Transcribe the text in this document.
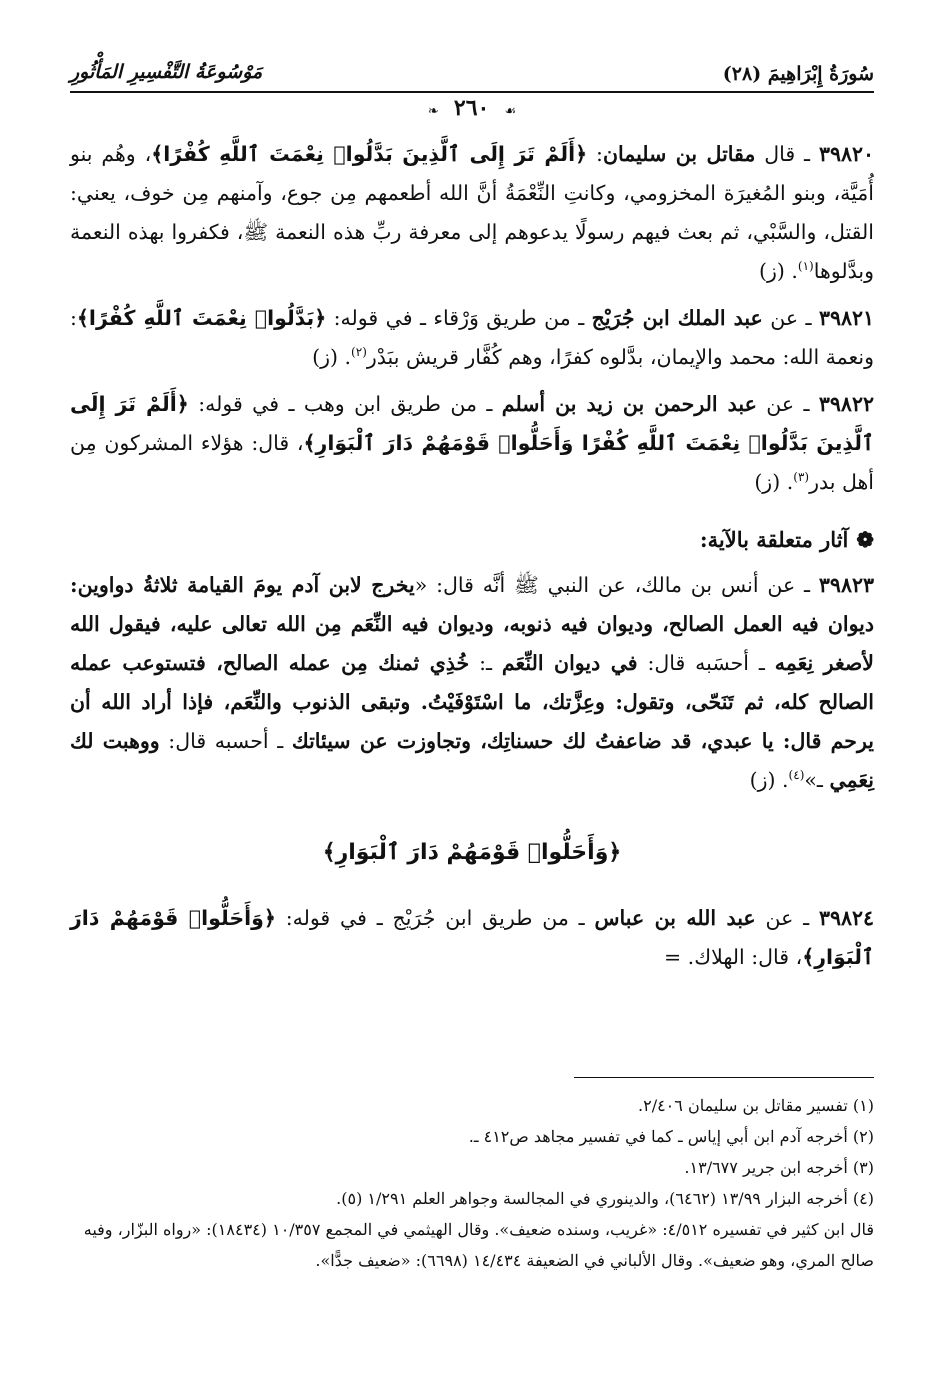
سُورَةُ إِبْرَاهِيمَ (٢٨)
مَوْسُوعَةُ التَّفْسِيرِ المَأْثُورِ
☙ ٢٦٠ ❧

٣٩٨٢٠ ـ قال مقاتل بن سليمان: ﴿أَلَمْ تَرَ إِلَى ٱلَّذِينَ بَدَّلُوا۟ نِعْمَتَ ٱللَّهِ كُفْرًا﴾، وهُم بنو أُمَيَّة، وبنو المُغيرَة المخزومي، وكانتِ النِّعْمَةُ أنَّ الله أطعمهم مِن جوع، وآمنهم مِن خوف، يعني: القتل، والسَّبْي، ثم بعث فيهم رسولًا يدعوهم إلى معرفة ربِّ هذه النعمة ﷺ، فكفروا بهذه النعمة وبدَّلوها$^{(١)}$. (ز)

٣٩٨٢١ ـ عن عبد الملك ابن جُرَيْج ـ من طريق وَرْقاء ـ في قوله: ﴿بَدَّلُوا۟ نِعْمَتَ ٱللَّهِ كُفْرًا﴾: ونعمة الله: محمد والإيمان، بدَّلوه كفرًا، وهم كُفَّار قريش ببَدْر$^{(٢)}$. (ز)

٣٩٨٢٢ ـ عن عبد الرحمن بن زيد بن أسلم ـ من طريق ابن وهب ـ في قوله: ﴿أَلَمْ تَرَ إِلَى ٱلَّذِينَ بَدَّلُوا۟ نِعْمَتَ ٱللَّهِ كُفْرًا وَأَحَلُّوا۟ قَوْمَهُمْ دَارَ ٱلْبَوَارِ﴾، قال: هؤلاء المشركون مِن أهل بدر$^{(٣)}$. (ز)

❁آثار متعلقة بالآية:

٣٩٨٢٣ ـ عن أنس بن مالك، عن النبي ﷺ أنَّه قال: «يخرج لابن آدم يومَ القيامة ثلاثةُ دواوين: ديوان فيه العمل الصالح، وديوان فيه ذنوبه، وديوان فيه النِّعَم مِن الله تعالى عليه، فيقول الله لأصغر نِعَمِه ـ أحسَبه قال: في ديوان النِّعَم ـ: خُذِي ثمنك مِن عمله الصالح، فتستوعب عمله الصالح كله، ثم تَنَحّى، وتقول: وعِزَّتك، ما اسْتَوْفَيْتُ. وتبقى الذنوب والنِّعَم، فإذا أراد الله أن يرحم قال: يا عبدي، قد ضاعفتُ لك حسناتِك، وتجاوزت عن سيئاتك ـ أحسبه قال: ووهبت لك نِعَمِي ـ»$^{(٤)}$. (ز)

﴿وَأَحَلُّوا۟ قَوْمَهُمْ دَارَ ٱلْبَوَارِ﴾

٣٩٨٢٤ ـ عن عبد الله بن عباس ـ من طريق ابن جُرَيْج ـ في قوله: ﴿وَأَحَلُّوا۟ قَوْمَهُمْ دَارَ ٱلْبَوَارِ﴾، قال: الهلاك. =

(١) تفسير مقاتل بن سليمان ٢/٤٠٦.
(٢) أخرجه آدم ابن أبي إياس ـ كما في تفسير مجاهد ص٤١٢ ـ.
(٣) أخرجه ابن جرير ١٣/٦٧٧.
(٤) أخرجه البزار ١٣/٩٩ (٦٤٦٢)، والدينوري في المجالسة وجواهر العلم ١/٢٩١ (٥).
قال ابن كثير في تفسيره ٤/٥١٢: «غريب، وسنده ضعيف». وقال الهيثمي في المجمع ١٠/٣٥٧ (١٨٤٣٤): «رواه البزّار، وفيه صالح المري، وهو ضعيف». وقال الألباني في الضعيفة ١٤/٤٣٤ (٦٦٩٨): «ضعيف جدًّا».
